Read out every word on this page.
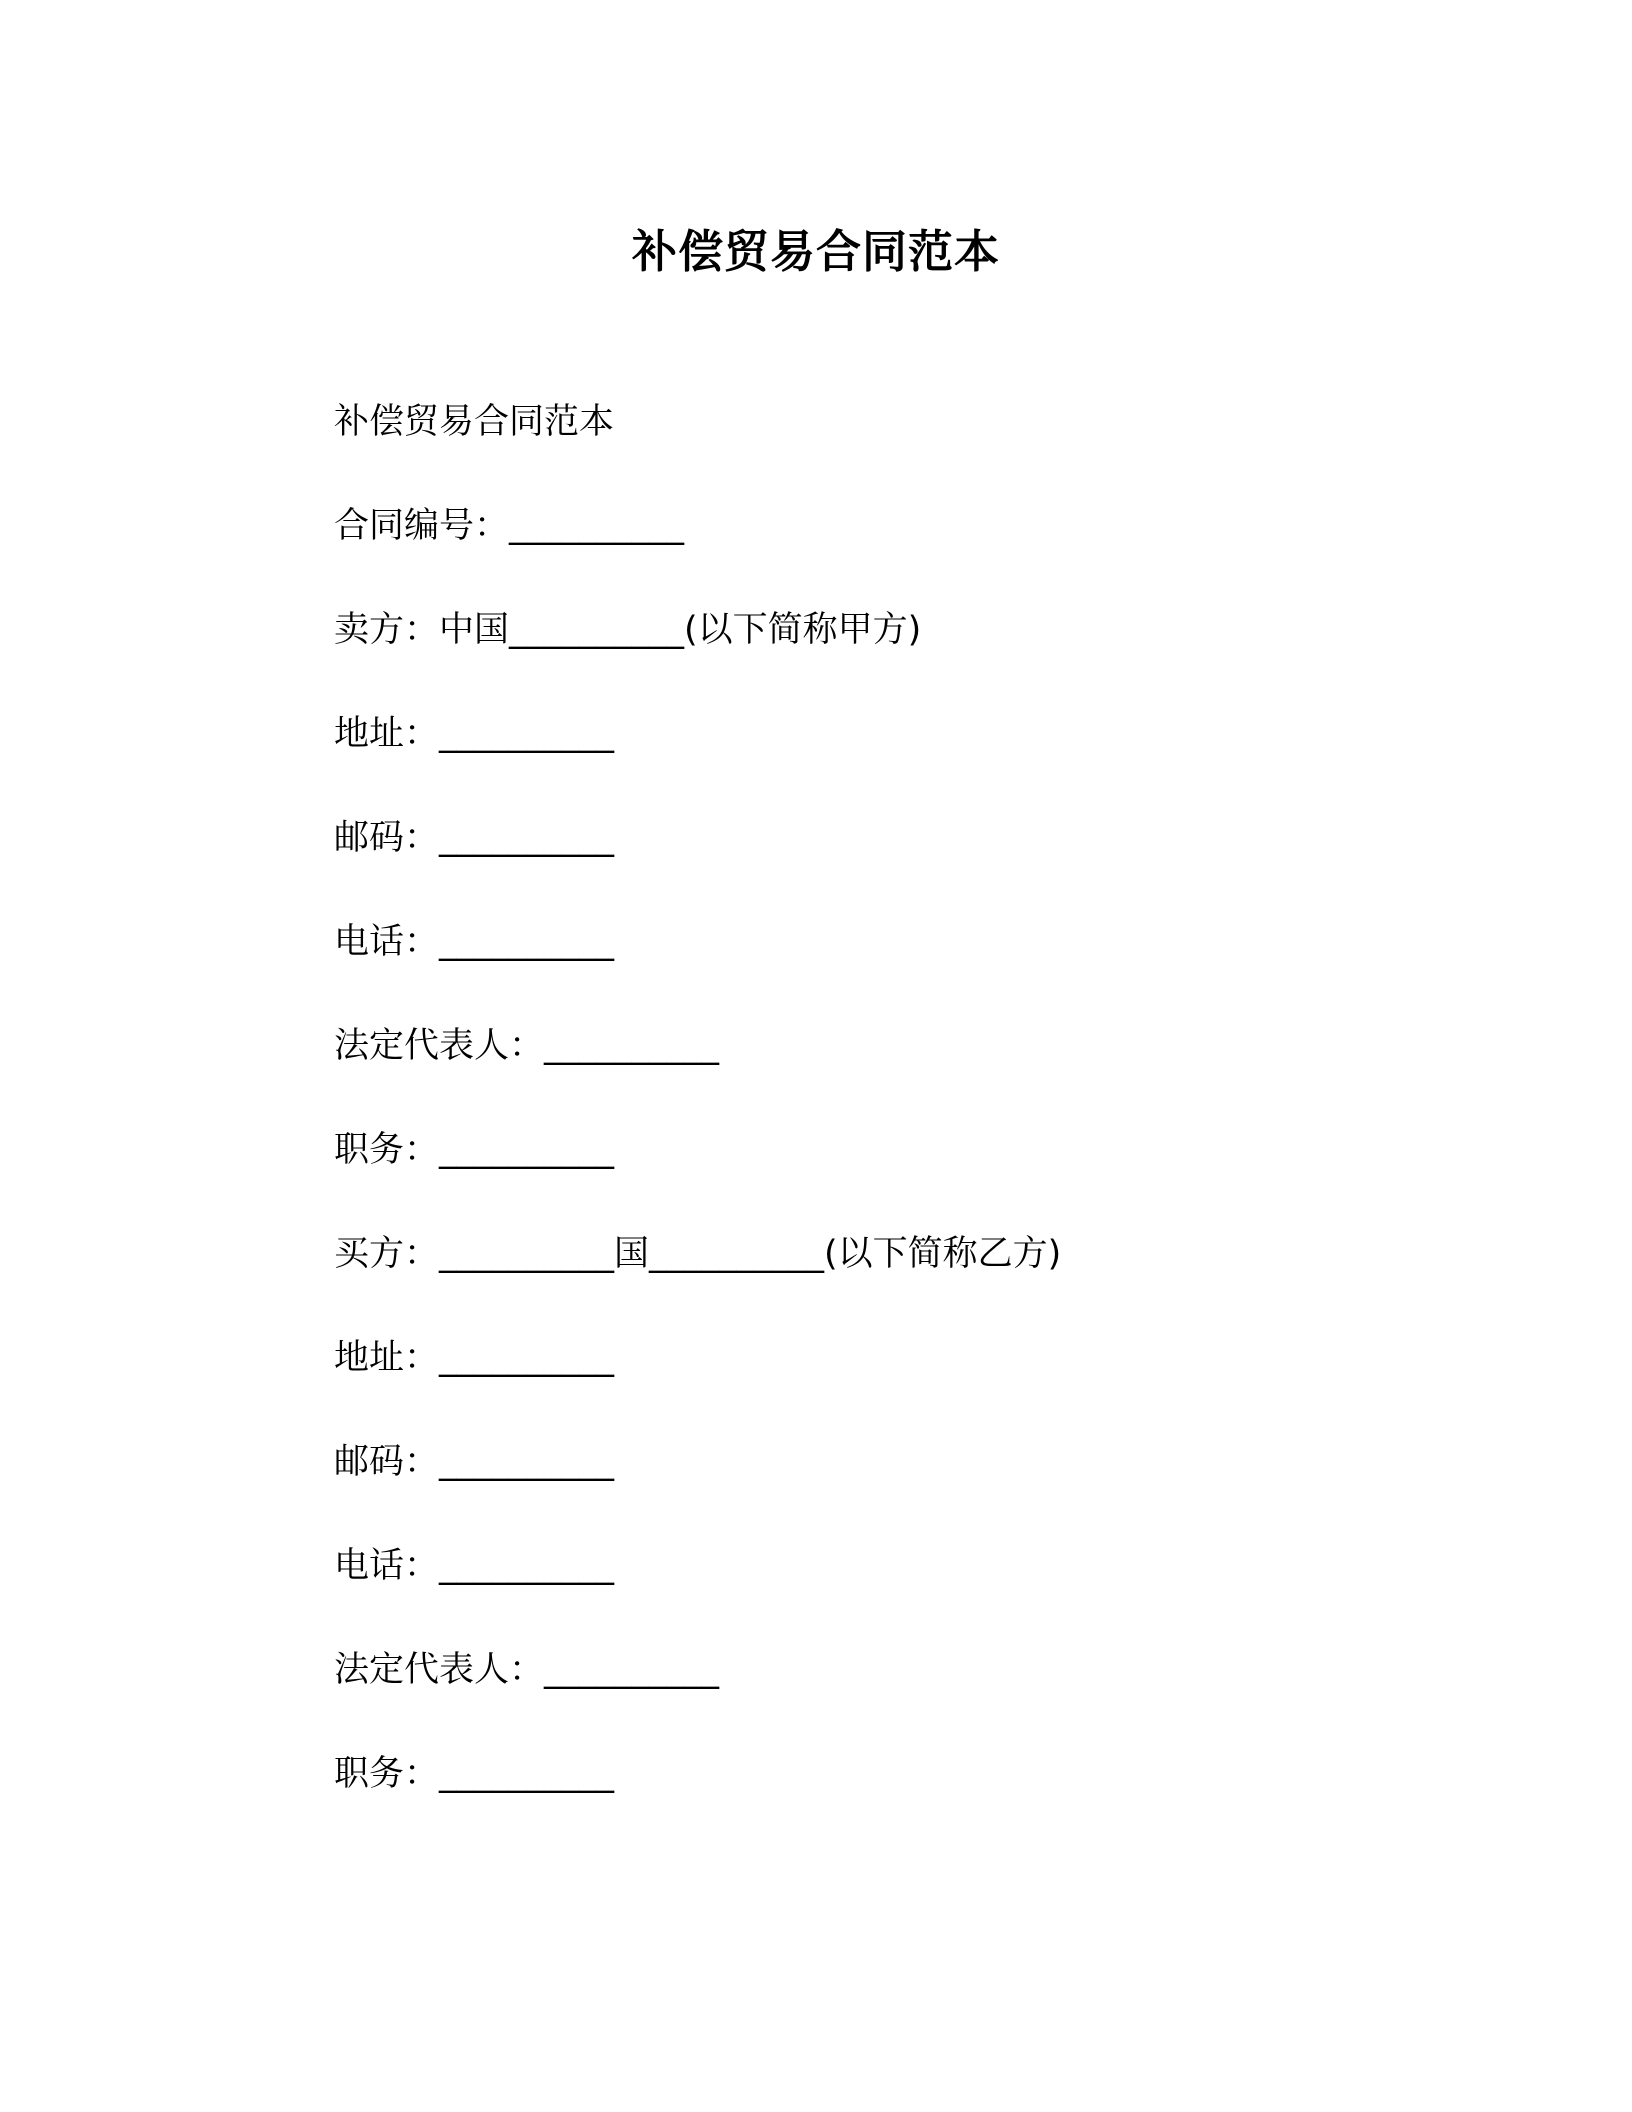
补偿贸易合同范本
补偿贸易合同范本
合同编号：__________
卖方：中国__________(以下简称甲方)
地址：__________
邮码：__________
电话：__________
法定代表人：__________
职务：__________
买方：__________国__________(以下简称乙方)
地址：__________
邮码：__________
电话：__________
法定代表人：__________
职务：__________
